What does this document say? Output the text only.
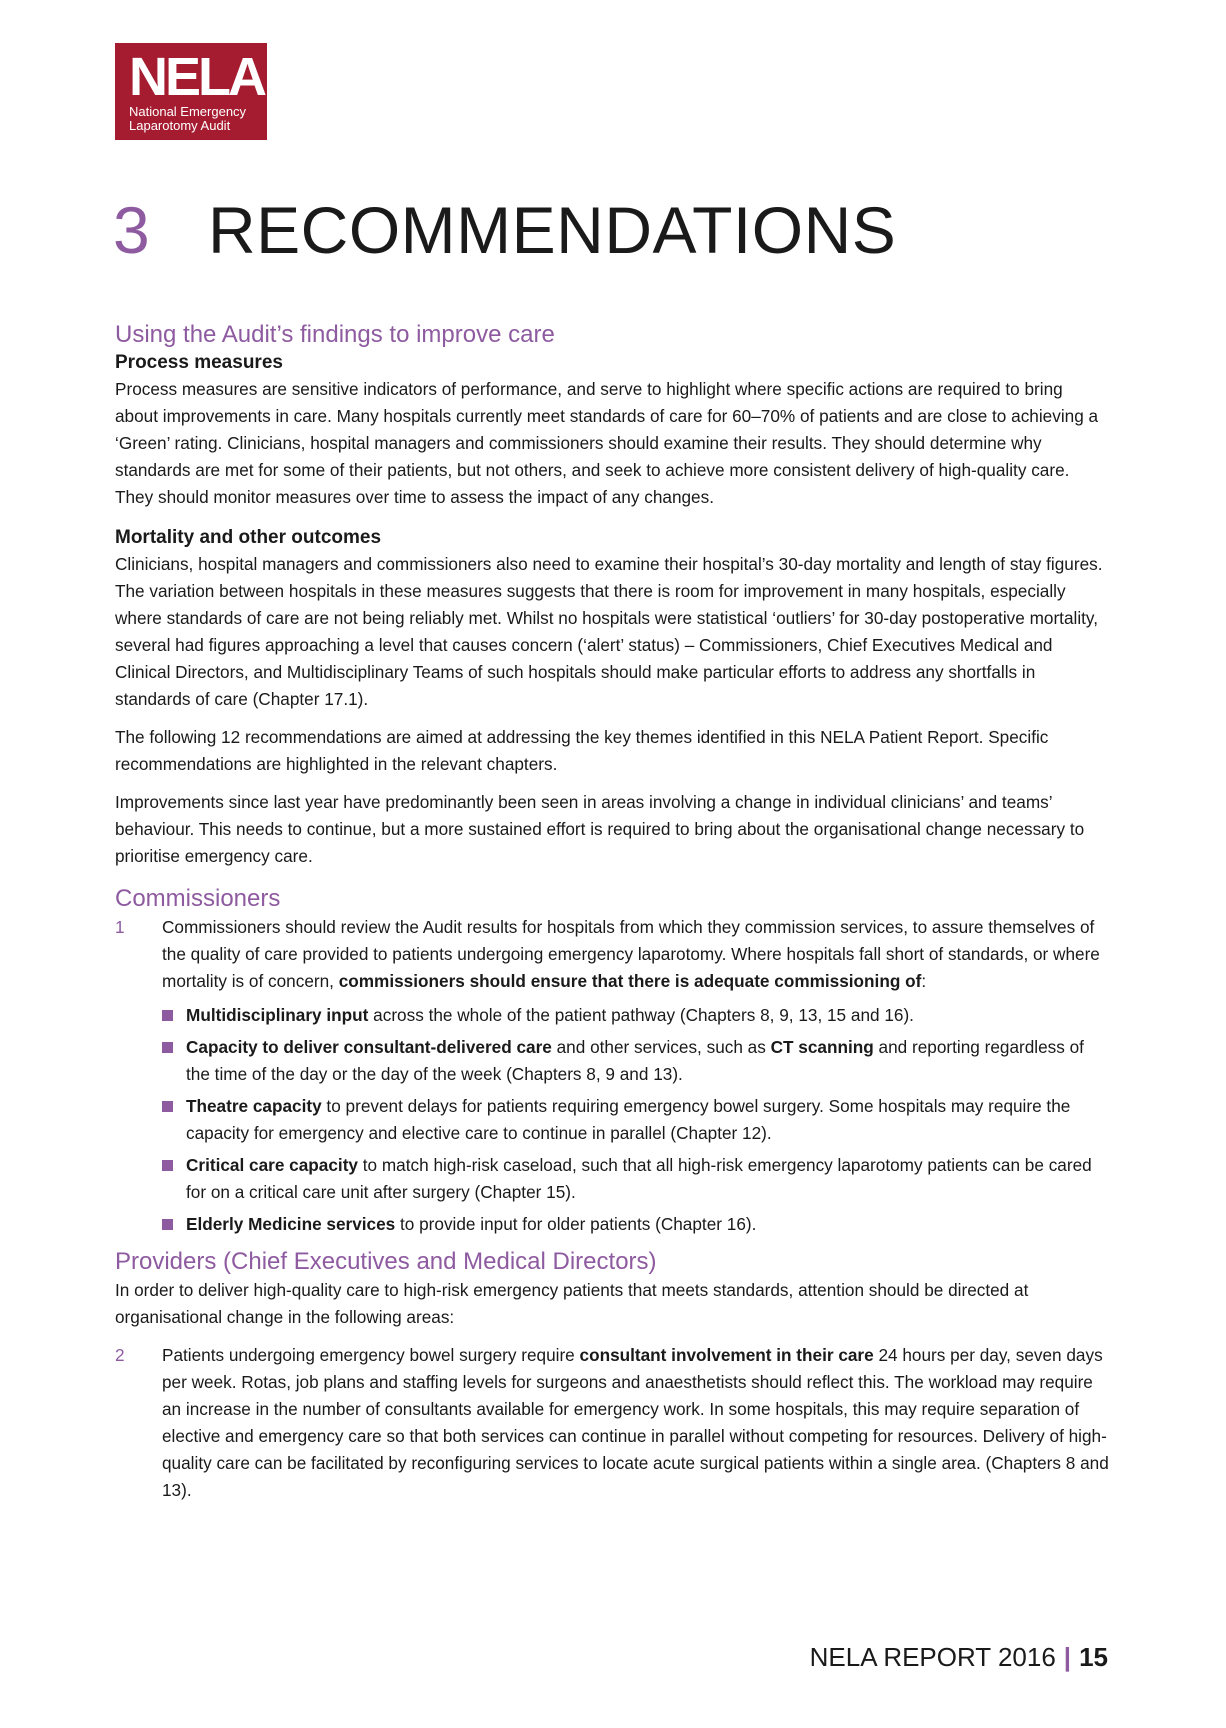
NELA
National Emergency
Laparotomy Audit
3 RECOMMENDATIONS
Using the Audit’s findings to improve care
Process measures

Process measures are sensitive indicators of performance, and serve to highlight where specific actions are required to bring about improvements in care. Many hospitals currently meet standards of care for 60–70% of patients and are close to achieving a ‘Green’ rating. Clinicians, hospital managers and commissioners should examine their results. They should determine why standards are met for some of their patients, but not others, and seek to achieve more consistent delivery of high-quality care. They should monitor measures over time to assess the impact of any changes.

Mortality and other outcomes

Clinicians, hospital managers and commissioners also need to examine their hospital’s 30-day mortality and length of stay figures. The variation between hospitals in these measures suggests that there is room for improvement in many hospitals, especially where standards of care are not being reliably met. Whilst no hospitals were statistical ‘outliers’ for 30-day postoperative mortality, several had figures approaching a level that causes concern (‘alert’ status) – Commissioners, Chief Executives Medical and Clinical Directors, and Multidisciplinary Teams of such hospitals should make particular efforts to address any shortfalls in standards of care (Chapter 17.1).

The following 12 recommendations are aimed at addressing the key themes identified in this NELA Patient Report. Specific recommendations are highlighted in the relevant chapters.

Improvements since last year have predominantly been seen in areas involving a change in individual clinicians’ and teams’ behaviour. This needs to continue, but a more sustained effort is required to bring about the organisational change necessary to prioritise emergency care.

Commissioners
1	Commissioners should review the Audit results for hospitals from which they commission services, to assure themselves of the quality of care provided to patients undergoing emergency laparotomy. Where hospitals fall short of standards, or where mortality is of concern, commissioners should ensure that there is adequate commissioning of:
Multidisciplinary input across the whole of the patient pathway (Chapters 8, 9, 13, 15 and 16).
Capacity to deliver consultant-delivered care and other services, such as CT scanning and reporting regardless of the time of the day or the day of the week (Chapters 8, 9 and 13).
Theatre capacity to prevent delays for patients requiring emergency bowel surgery. Some hospitals may require the capacity for emergency and elective care to continue in parallel (Chapter 12).
Critical care capacity to match high-risk caseload, such that all high-risk emergency laparotomy patients can be cared for on a critical care unit after surgery (Chapter 15).
Elderly Medicine services to provide input for older patients (Chapter 16).
Providers (Chief Executives and Medical Directors)

In order to deliver high-quality care to high-risk emergency patients that meets standards, attention should be directed at organisational change in the following areas:

2	Patients undergoing emergency bowel surgery require consultant involvement in their care 24 hours per day, seven days per week. Rotas, job plans and staffing levels for surgeons and anaesthetists should reflect this. The workload may require an increase in the number of consultants available for emergency work. In some hospitals, this may require separation of elective and emergency care so that both services can continue in parallel without competing for resources. Delivery of high-quality care can be facilitated by reconfiguring services to locate acute surgical patients within a single area. (Chapters 8 and 13).
NELA REPORT 2016 | 15
